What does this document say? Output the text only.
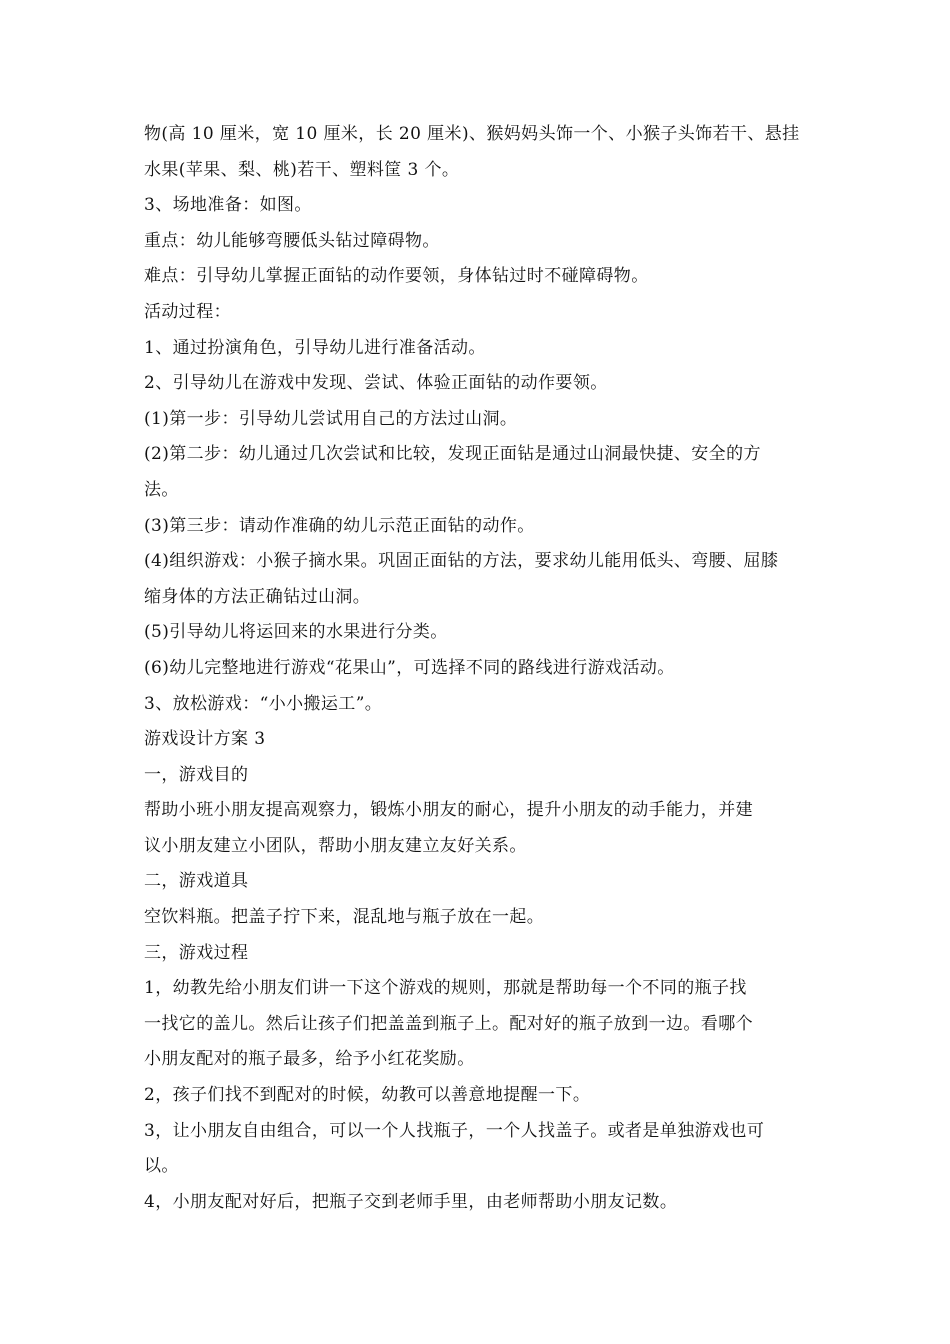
物(高 10 厘米，宽 10 厘米，长 20 厘米)、猴妈妈头饰一个、小猴子头饰若干、悬挂
水果(苹果、梨、桃)若干、塑料筐 3 个。
3、场地准备：如图。
重点：幼儿能够弯腰低头钻过障碍物。
难点：引导幼儿掌握正面钻的动作要领，身体钻过时不碰障碍物。
活动过程：
1、通过扮演角色，引导幼儿进行准备活动。
2、引导幼儿在游戏中发现、尝试、体验正面钻的动作要领。
(1)第一步：引导幼儿尝试用自己的方法过山洞。
(2)第二步：幼儿通过几次尝试和比较，发现正面钻是通过山洞最快捷、安全的方
法。
(3)第三步：请动作准确的幼儿示范正面钻的动作。
(4)组织游戏：小猴子摘水果。巩固正面钻的方法，要求幼儿能用低头、弯腰、屈膝
缩身体的方法正确钻过山洞。
(5)引导幼儿将运回来的水果进行分类。
(6)幼儿完整地进行游戏“花果山”，可选择不同的路线进行游戏活动。
3、放松游戏：“小小搬运工”。
游戏设计方案 3
一，游戏目的
帮助小班小朋友提高观察力，锻炼小朋友的耐心，提升小朋友的动手能力，并建
议小朋友建立小团队，帮助小朋友建立友好关系。
二，游戏道具
空饮料瓶。把盖子拧下来，混乱地与瓶子放在一起。
三，游戏过程
1，幼教先给小朋友们讲一下这个游戏的规则，那就是帮助每一个不同的瓶子找
一找它的盖儿。然后让孩子们把盖盖到瓶子上。配对好的瓶子放到一边。看哪个
小朋友配对的瓶子最多，给予小红花奖励。
2，孩子们找不到配对的时候，幼教可以善意地提醒一下。
3，让小朋友自由组合，可以一个人找瓶子，一个人找盖子。或者是单独游戏也可
以。
4，小朋友配对好后，把瓶子交到老师手里，由老师帮助小朋友记数。
